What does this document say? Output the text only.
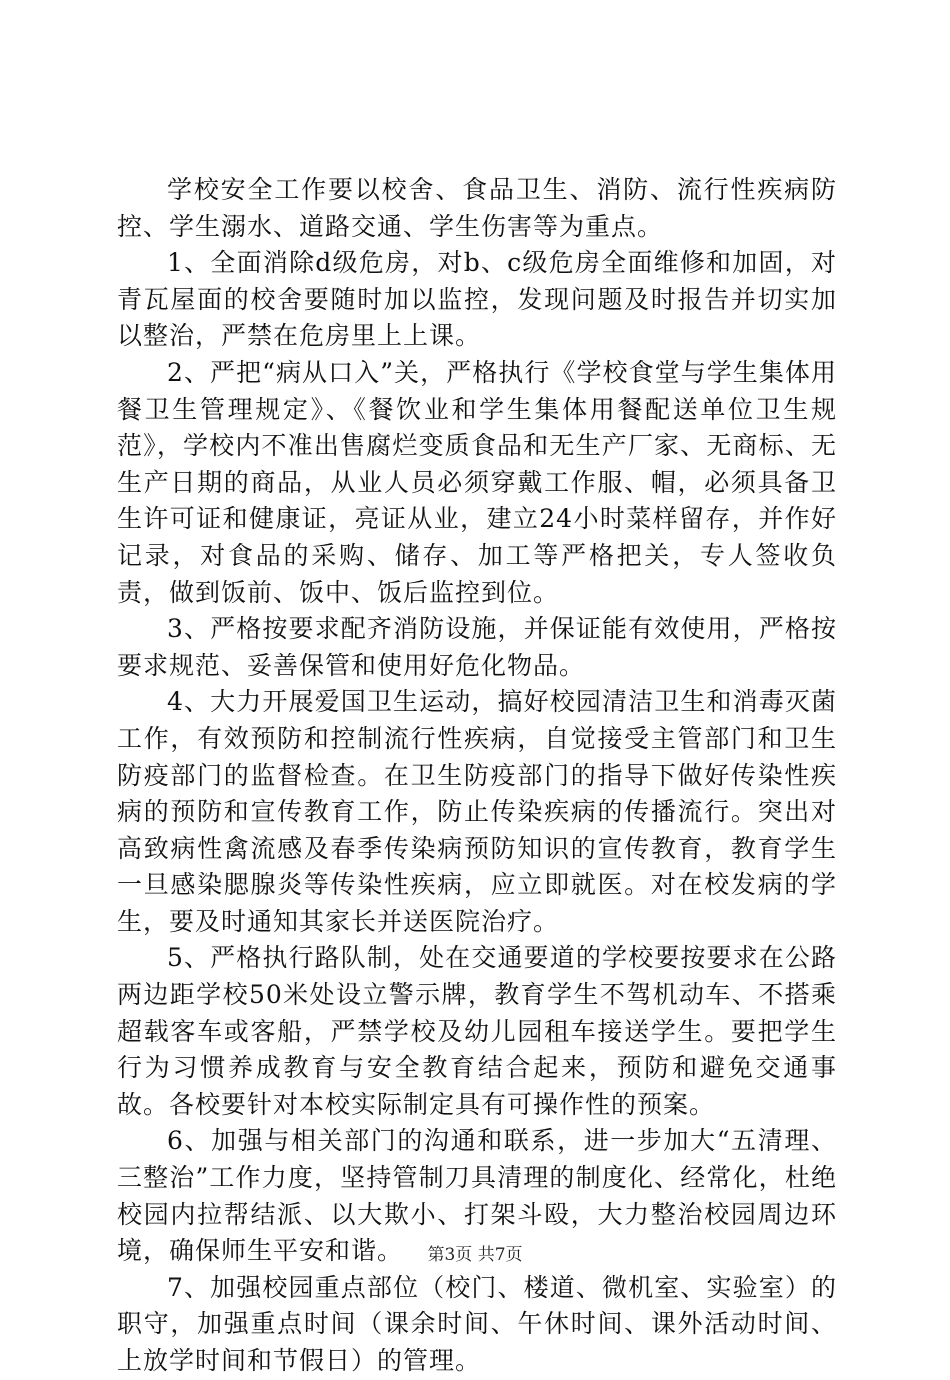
学校安全工作要以校舍、食品卫生、消防、流行性疾病防控、学生溺水、道路交通、学生伤害等为重点。

1、全面消除d级危房，对b、c级危房全面维修和加固，对青瓦屋面的校舍要随时加以监控，发现问题及时报告并切实加以整治，严禁在危房里上上课。

2、严把“病从口入”关，严格执行《学校食堂与学生集体用餐卫生管理规定》、《餐饮业和学生集体用餐配送单位卫生规范》，学校内不准出售腐烂变质食品和无生产厂家、无商标、无生产日期的商品，从业人员必须穿戴工作服、帽，必须具备卫生许可证和健康证，亮证从业，建立24小时菜样留存，并作好记录，对食品的采购、储存、加工等严格把关，专人签收负责，做到饭前、饭中、饭后监控到位。

3、严格按要求配齐消防设施，并保证能有效使用，严格按要求规范、妥善保管和使用好危化物品。

4、大力开展爱国卫生运动，搞好校园清洁卫生和消毒灭菌工作，有效预防和控制流行性疾病，自觉接受主管部门和卫生防疫部门的监督检查。在卫生防疫部门的指导下做好传染性疾病的预防和宣传教育工作，防止传染疾病的传播流行。突出对高致病性禽流感及春季传染病预防知识的宣传教育，教育学生一旦感染腮腺炎等传染性疾病，应立即就医。对在校发病的学生，要及时通知其家长并送医院治疗。

5、严格执行路队制，处在交通要道的学校要按要求在公路两边距学校50米处设立警示牌，教育学生不驾机动车、不搭乘超载客车或客船，严禁学校及幼儿园租车接送学生。要把学生行为习惯养成教育与安全教育结合起来，预防和避免交通事故。各校要针对本校实际制定具有可操作性的预案。

6、加强与相关部门的沟通和联系，进一步加大“五清理、三整治”工作力度，坚持管制刀具清理的制度化、经常化，杜绝校园内拉帮结派、以大欺小、打架斗殴，大力整治校园周边环境，确保师生平安和谐。

7、加强校园重点部位（校门、楼道、微机室、实验室）的职守，加强重点时间（课余时间、午休时间、课外活动时间、上放学时间和节假日）的管理。

第3页 共7页
